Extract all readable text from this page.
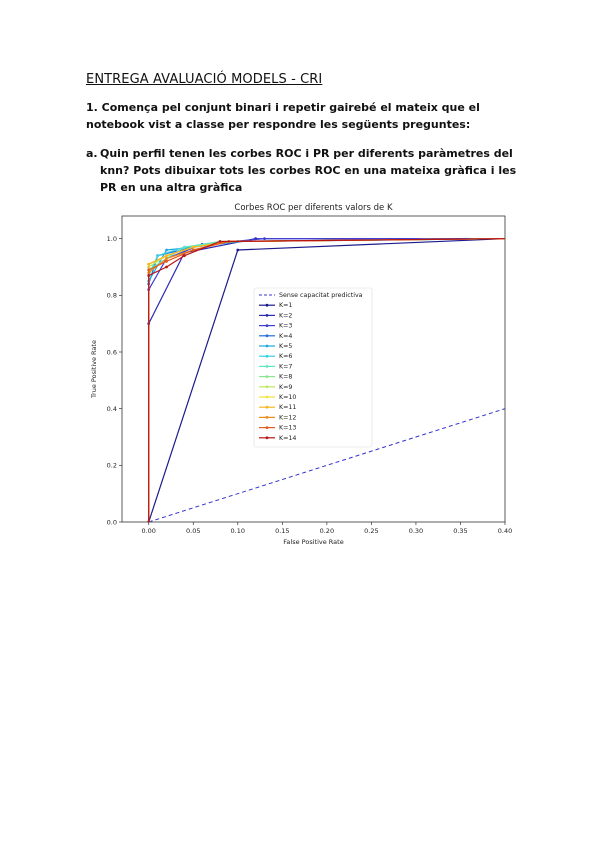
ENTREGA AVALUACIÓ MODELS - CRI
1. Comença pel conjunt binari i repetir gairebé el mateix que el notebook vist a classe per respondre les següents preguntes:
a. Quin perfil tenen les corbes ROC i PR per diferents paràmetres del knn? Pots dibuixar tots les corbes ROC en una mateixa gràfica i les PR en una altra gràfica
Corbes ROC per diferents valors de K
0.00	0.05	0.10	0.15	0.20	0.25	0.30	0.35	0.40
0.0
0.2
0.4
0.6
0.8
1.0
False Positive Rate
True Positive Rate
Sense capacitat predictiva
K=1
K=2
K=3
K=4
K=5
K=6
K=7
K=8
K=9
K=10
K=11
K=12
K=13
K=14
